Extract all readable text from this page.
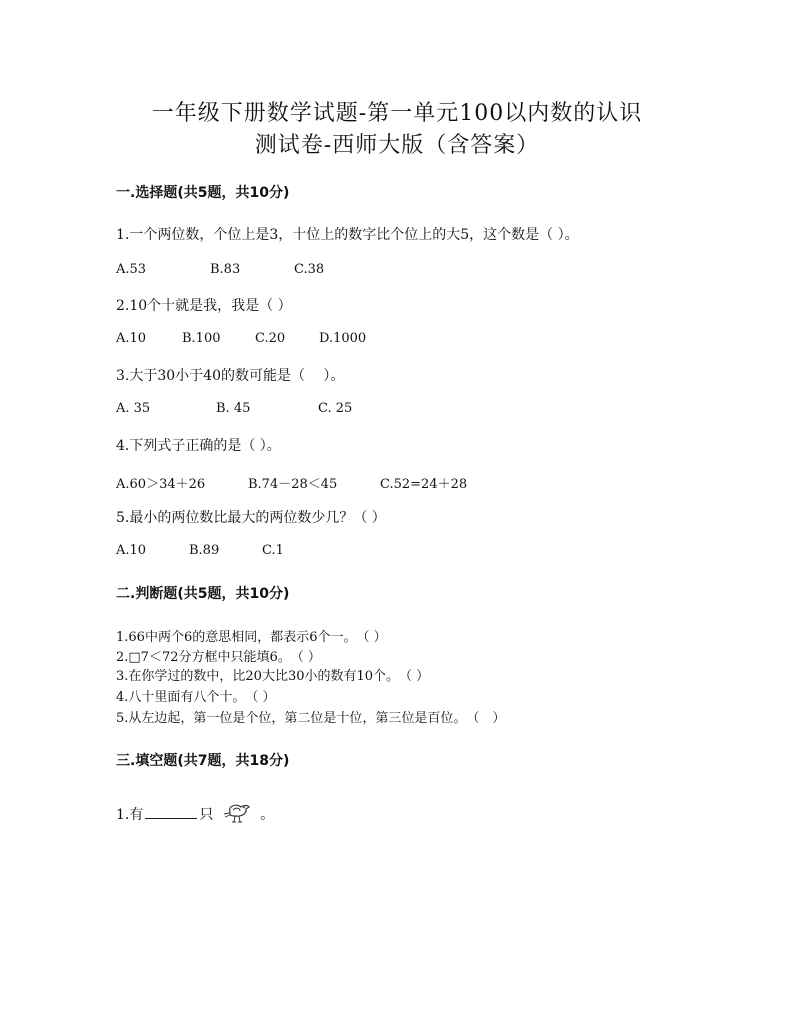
一年级下册数学试题-第一单元100以内数的认识
测试卷-西师大版（含答案）
一.选择题(共5题，共10分)
1.一个两位数，个位上是3，十位上的数字比个位上的大5，这个数是（ ）。
A.53	B.83	C.38
2.10个十就是我，我是（ ）
A.10	B.100	C.20	D.1000
3.大于30小于40的数可能是（　 ）。
A. 35	B. 45	C. 25
4.下列式子正确的是（ ）。
A.60＞34＋26	B.74－28＜45	C.52=24＋28
5.最小的两位数比最大的两位数少几？（ ）
A.10	B.89	C.1
二.判断题(共5题，共10分)
1.66中两个6的意思相同，都表示6个一。　（ ）
2.□7＜72分方框中只能填6。　（ ）
3.在你学过的数中，比20大比30小的数有10个。　（ ）
4.八十里面有八个十。　（ ）
5.从左边起，第一位是个位，第二位是十位，第三位是百位。　（　）
三.填空题(共7题，共18分)
1.有	只	。
